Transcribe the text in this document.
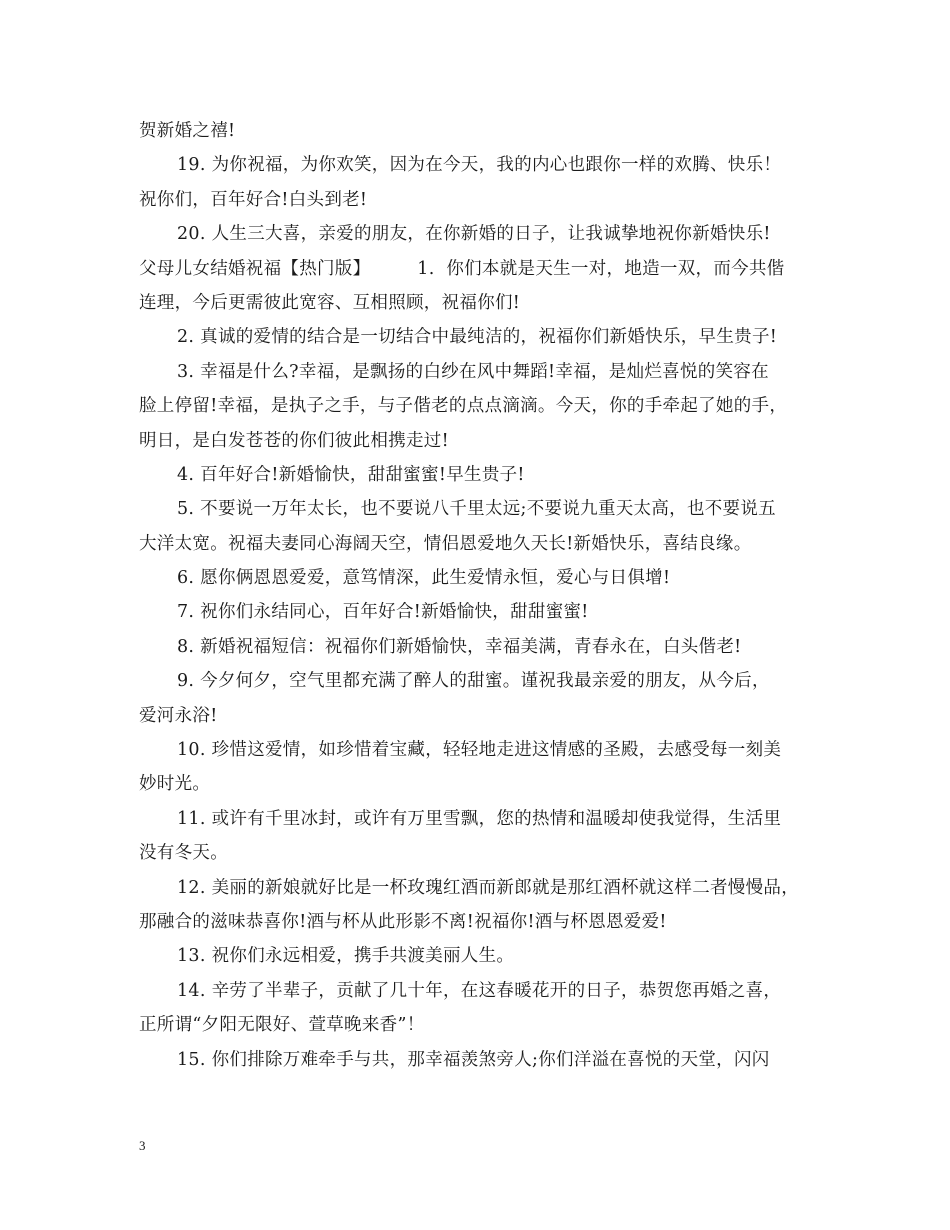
贺新婚之禧!
19. 为你祝福，为你欢笑，因为在今天，我的内心也跟你一样的欢腾、快乐！
祝你们，百年好合!白头到老!
20. 人生三大喜，亲爱的朋友，在你新婚的日子，让我诚挚地祝你新婚快乐!
父母儿女结婚祝福【热门版】        1.  你们本就是天生一对，地造一双，而今共偕
连理，今后更需彼此宽容、互相照顾，祝福你们!
2. 真诚的爱情的结合是一切结合中最纯洁的，祝福你们新婚快乐，早生贵子!
3. 幸福是什么?幸福，是飘扬的白纱在风中舞蹈!幸福，是灿烂喜悦的笑容在
脸上停留!幸福，是执子之手，与子偕老的点点滴滴。今天，你的手牵起了她的手，
明日，是白发苍苍的你们彼此相携走过!
4. 百年好合!新婚愉快，甜甜蜜蜜!早生贵子!
5. 不要说一万年太长，也不要说八千里太远;不要说九重天太高，也不要说五
大洋太宽。祝福夫妻同心海阔天空，情侣恩爱地久天长!新婚快乐，喜结良缘。
6. 愿你俩恩恩爱爱，意笃情深，此生爱情永恒，爱心与日俱增!
7. 祝你们永结同心，百年好合!新婚愉快，甜甜蜜蜜!
8. 新婚祝福短信：祝福你们新婚愉快，幸福美满，青春永在，白头偕老!
9. 今夕何夕，空气里都充满了醉人的甜蜜。谨祝我最亲爱的朋友，从今后，
爱河永浴!
10. 珍惜这爱情，如珍惜着宝藏，轻轻地走进这情感的圣殿，去感受每一刻美
妙时光。
11. 或许有千里冰封，或许有万里雪飘，您的热情和温暖却使我觉得，生活里
没有冬天。
12. 美丽的新娘就好比是一杯玫瑰红酒而新郎就是那红酒杯就这样二者慢慢品，
那融合的滋味恭喜你!酒与杯从此形影不离!祝福你!酒与杯恩恩爱爱!
13. 祝你们永远相爱，携手共渡美丽人生。
14. 辛劳了半辈子，贡献了几十年，在这春暖花开的日子，恭贺您再婚之喜，
正所谓“夕阳无限好、萱草晚来香”！
15. 你们排除万难牵手与共，那幸福羡煞旁人;你们洋溢在喜悦的天堂，闪闪
3
